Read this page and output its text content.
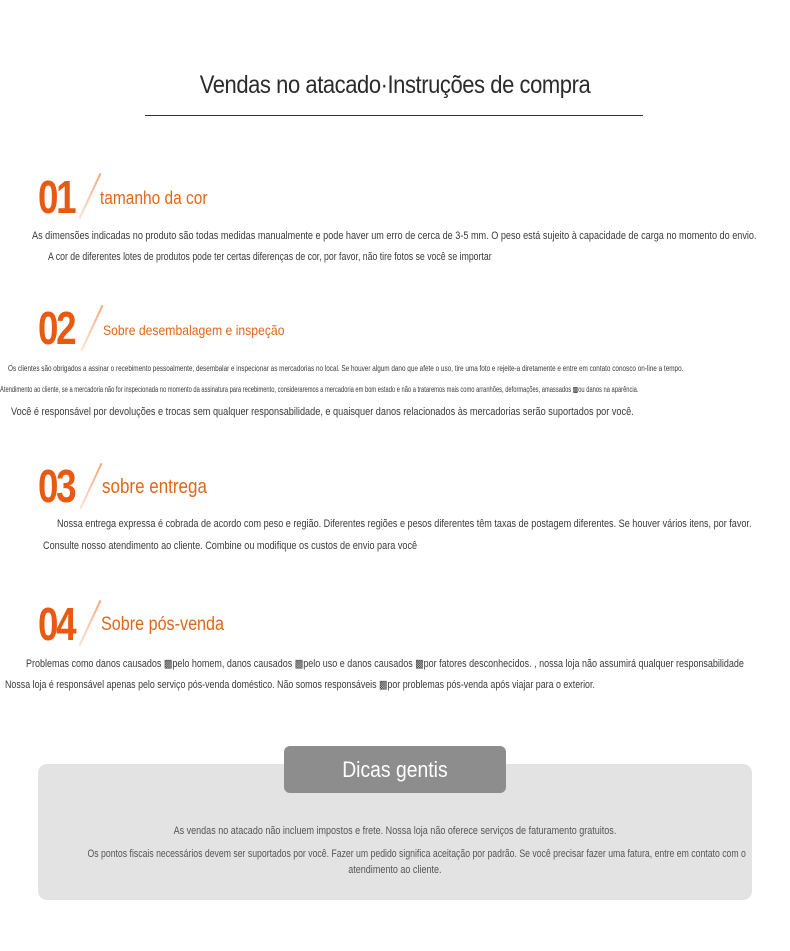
Vendas no atacado·Instruções de compra
01 tamanho da cor
As dimensões indicadas no produto são todas medidas manualmente e pode haver um erro de cerca de 3-5 mm. O peso está sujeito à capacidade de carga no momento do envio.
A cor de diferentes lotes de produtos pode ter certas diferenças de cor, por favor, não tire fotos se você se importar
02 Sobre desembalagem e inspeção
Os clientes são obrigados a assinar o recebimento pessoalmente, desembalar e inspecionar as mercadorias no local. Se houver algum dano que afete o uso, tire uma foto e rejeite-a diretamente e entre em contato conosco on-line a tempo.
Atendimento ao cliente, se a mercadoria não for inspecionada no momento da assinatura para recebimento, consideraremos a mercadoria em bom estado e não a trataremos mais como arranhões, deformações, amassados ▩ou danos na aparência.
Você é responsável por devoluções e trocas sem qualquer responsabilidade, e quaisquer danos relacionados às mercadorias serão suportados por você.
03 sobre entrega
Nossa entrega expressa é cobrada de acordo com peso e região. Diferentes regiões e pesos diferentes têm taxas de postagem diferentes. Se houver vários itens, por favor.
Consulte nosso atendimento ao cliente. Combine ou modifique os custos de envio para você
04 Sobre pós-venda
Problemas como danos causados ▩pelo homem, danos causados ▩pelo uso e danos causados ▩por fatores desconhecidos. , nossa loja não assumirá qualquer responsabilidade
Nossa loja é responsável apenas pelo serviço pós-venda doméstico. Não somos responsáveis ▩por problemas pós-venda após viajar para o exterior.
Dicas gentis
As vendas no atacado não incluem impostos e frete. Nossa loja não oferece serviços de faturamento gratuitos.
Os pontos fiscais necessários devem ser suportados por você. Fazer um pedido significa aceitação por padrão. Se você precisar fazer uma fatura, entre em contato com o
atendimento ao cliente.
